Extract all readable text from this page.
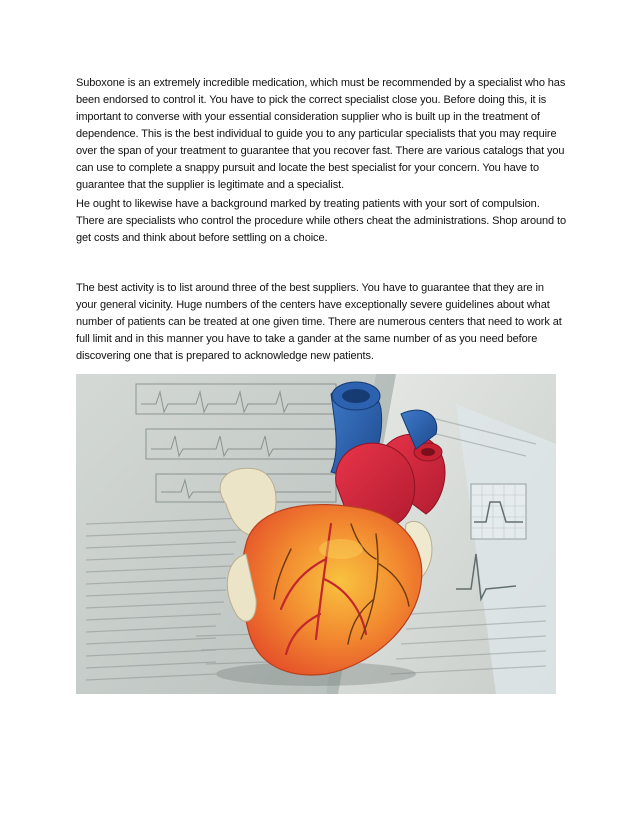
Suboxone is an extremely incredible medication, which must be recommended by a specialist who has been endorsed to control it. You have to pick the correct specialist close you. Before doing this, it is important to converse with your essential consideration supplier who is built up in the treatment of dependence. This is the best individual to guide you to any particular specialists that you may require over the span of your treatment to guarantee that you recover fast. There are various catalogs that you can use to complete a snappy pursuit and locate the best specialist for your concern. You have to guarantee that the supplier is legitimate and a specialist.

He ought to likewise have a background marked by treating patients with your sort of compulsion. There are specialists who control the procedure while others cheat the administrations. Shop around to get costs and think about before settling on a choice.

The best activity is to list around three of the best suppliers. You have to guarantee that they are in your general vicinity. Huge numbers of the centers have exceptionally severe guidelines about what number of patients can be treated at one given time. There are numerous centers that need to work at full limit and in this manner you have to take a gander at the same number of as you need before discovering one that is prepared to acknowledge new patients.
